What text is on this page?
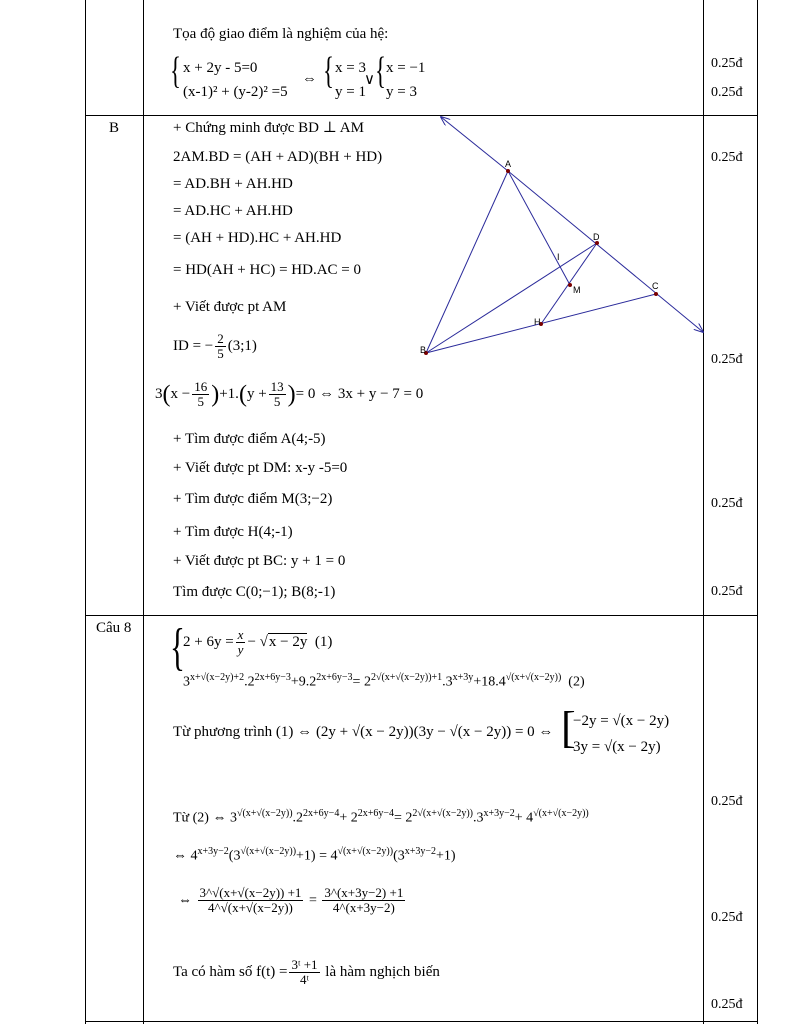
Tọa độ giao điểm là nghiệm của hệ:
{ x + 2y - 5=0
(x-1)² + (y-2)² =5
⇔ { x = 3
y = 1
∨ { x = −1
y = 3
0.25đ
0.25đ
B	+ Chứng minh được BD ⊥ AM
2AM.BD = (AH + AD)(BH + HD)
= AD.BH + AH.HD
= AD.HC + AH.HD
= (AH + HD).HC + AH.HD
= HD(AH + HC) = HD.AC = 0
+ Viết được pt AM
ID = − $\frac{2}{5}$ (3;1)
$3(x - \frac{16}{5} )+1.(y + \frac{13}{5}$ )= 0 ⇔ 3x + y − 7 = 0
+ Tìm được điểm A(4;-5)
+ Viết được pt DM: x-y -5=0
+ Tìm được điểm M(3;−2)
+ Tìm được H(4;-1)
+ Viết được pt BC: y + 1 = 0
Tìm được C(0;−1); B(8;-1)
0.25đ
0.25đ
0.25đ
0.25đ
A
D
I
M	C
H
B
Câu 8 {
$2 + 6y = \frac{x}{y} - √x - 2y$ (1)
$3^{x+√(x-2y)+2}.2^{2x+6y-3}+9.2^{2x+6y-3}= 2^{2√(x+√(x-2y))+1}.3^{x+3y}+18.4^{√(x+√(x-2y))}$ (2)
Từ phương trình (1) ⇔ (2y + √(x − 2y))(3y − √(x − 2y)) = 0 ⇔ [
−2y = √(x − 2y)
3y = √(x − 2y)
Từ (2) ⇔ $3^{√(x+√(x-2y))}.2^{2x+6y-4}+ 2^{2x+6y-4}= 2^{2√(x+√(x-2y))}.3^{x+3y-2}+ 4^{√(x+√(x-2y))}$
⇔ $4^{x+3y-2}(3^{√(x+√(x-2y))}+1) = 4^{√(x+√(x-2y))}(3^{x+3y-2}+1)$
⇔ $\frac{3\^{}√(x+√(x-2y)) +1}{4\^{}√(x+√(x-2y))} = \frac{3\^{}(x+3y-2) +1}{4\^{}(x+3y-2)}$
Ta có hàm số $f(t) = \frac{\text{3ᵗ +1}}{\text{4ᵗ}}$ là hàm nghịch biến
0.25đ
0.25đ
0.25đ
